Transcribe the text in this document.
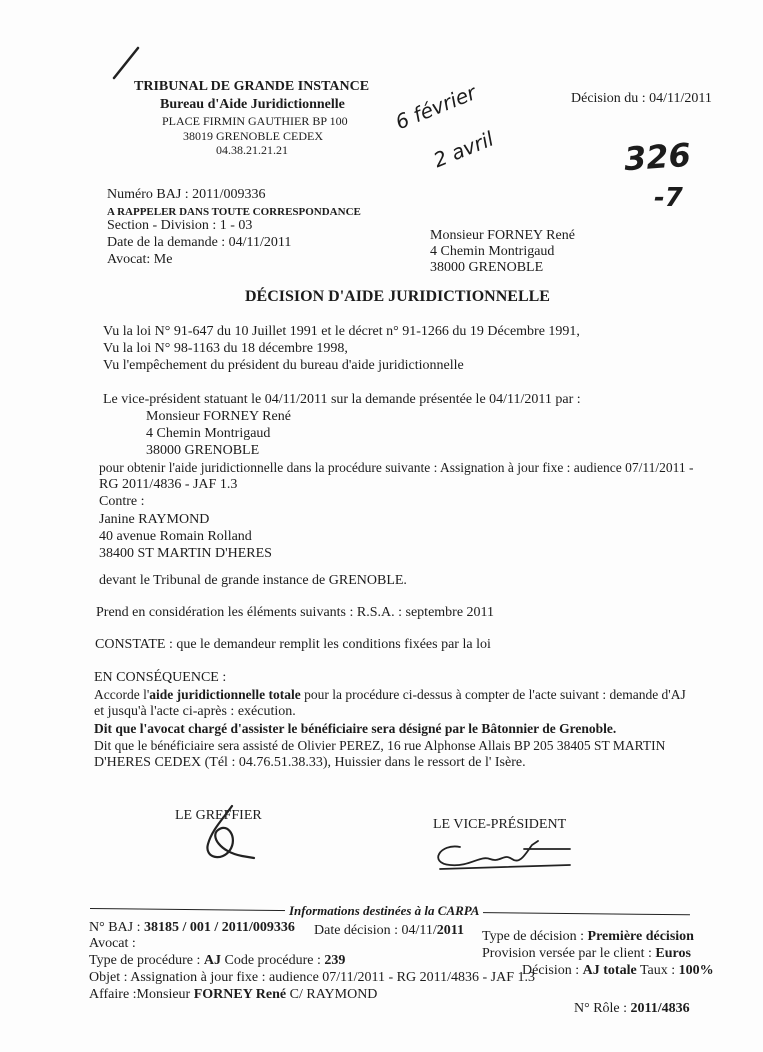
TRIBUNAL DE GRANDE INSTANCE
Bureau d'Aide Juridictionnelle
PLACE FIRMIN GAUTHIER BP 100
38019 GRENOBLE CEDEX
04.38.21.21.21
Décision du : 04/11/2011
6 février
2 avril	326
-7
Numéro BAJ : 2011/009336
A RAPPELER DANS TOUTE CORRESPONDANCE
Section - Division : 1 - 03
Date de la demande : 04/11/2011
Avocat: Me
Monsieur FORNEY René
4 Chemin Montrigaud
38000 GRENOBLE
DÉCISION D'AIDE JURIDICTIONNELLE
Vu la loi N° 91-647 du 10 Juillet 1991 et le décret n° 91-1266 du 19 Décembre 1991,
Vu la loi N° 98-1163 du 18 décembre 1998,
Vu l'empêchement du président du bureau d'aide juridictionnelle
Le vice-président statuant le 04/11/2011 sur la demande présentée le 04/11/2011 par :
Monsieur FORNEY René
4 Chemin Montrigaud
38000 GRENOBLE
pour obtenir l'aide juridictionnelle dans la procédure suivante : Assignation à jour fixe : audience 07/11/2011 -
RG 2011/4836 - JAF 1.3
Contre :
Janine RAYMOND
40 avenue Romain Rolland
38400 ST MARTIN D'HERES
devant le Tribunal de grande instance de GRENOBLE.
Prend en considération les éléments suivants : R.S.A. : septembre 2011
CONSTATE : que le demandeur remplit les conditions fixées par la loi
EN CONSÉQUENCE :
Accorde l'aide juridictionnelle totale pour la procédure ci-dessus à compter de l'acte suivant : demande d'AJ
et jusqu'à l'acte ci-après : exécution.
Dit que l'avocat chargé d'assister le bénéficiaire sera désigné par le Bâtonnier de Grenoble.
Dit que le bénéficiaire sera assisté de Olivier PEREZ, 16 rue Alphonse Allais BP 205 38405 ST MARTIN
D'HERES CEDEX (Tél : 04.76.51.38.33), Huissier dans le ressort de l' Isère.
LE GREFFIER
LE VICE-PRÉSIDENT
Informations destinées à la CARPA
N° BAJ : 38185 / 001 / 2011/009336 Date décision : 04/11/2011 Type de décision : Première décision
Avocat :
Provision versée par le client : Euros
Type de procédure : AJ Code procédure : 239
Décision : AJ totale Taux : 100%
Objet : Assignation à jour fixe : audience 07/11/2011 - RG 2011/4836 - JAF 1.3
Affaire :Monsieur FORNEY René C/ RAYMOND
N° Rôle : 2011/4836
